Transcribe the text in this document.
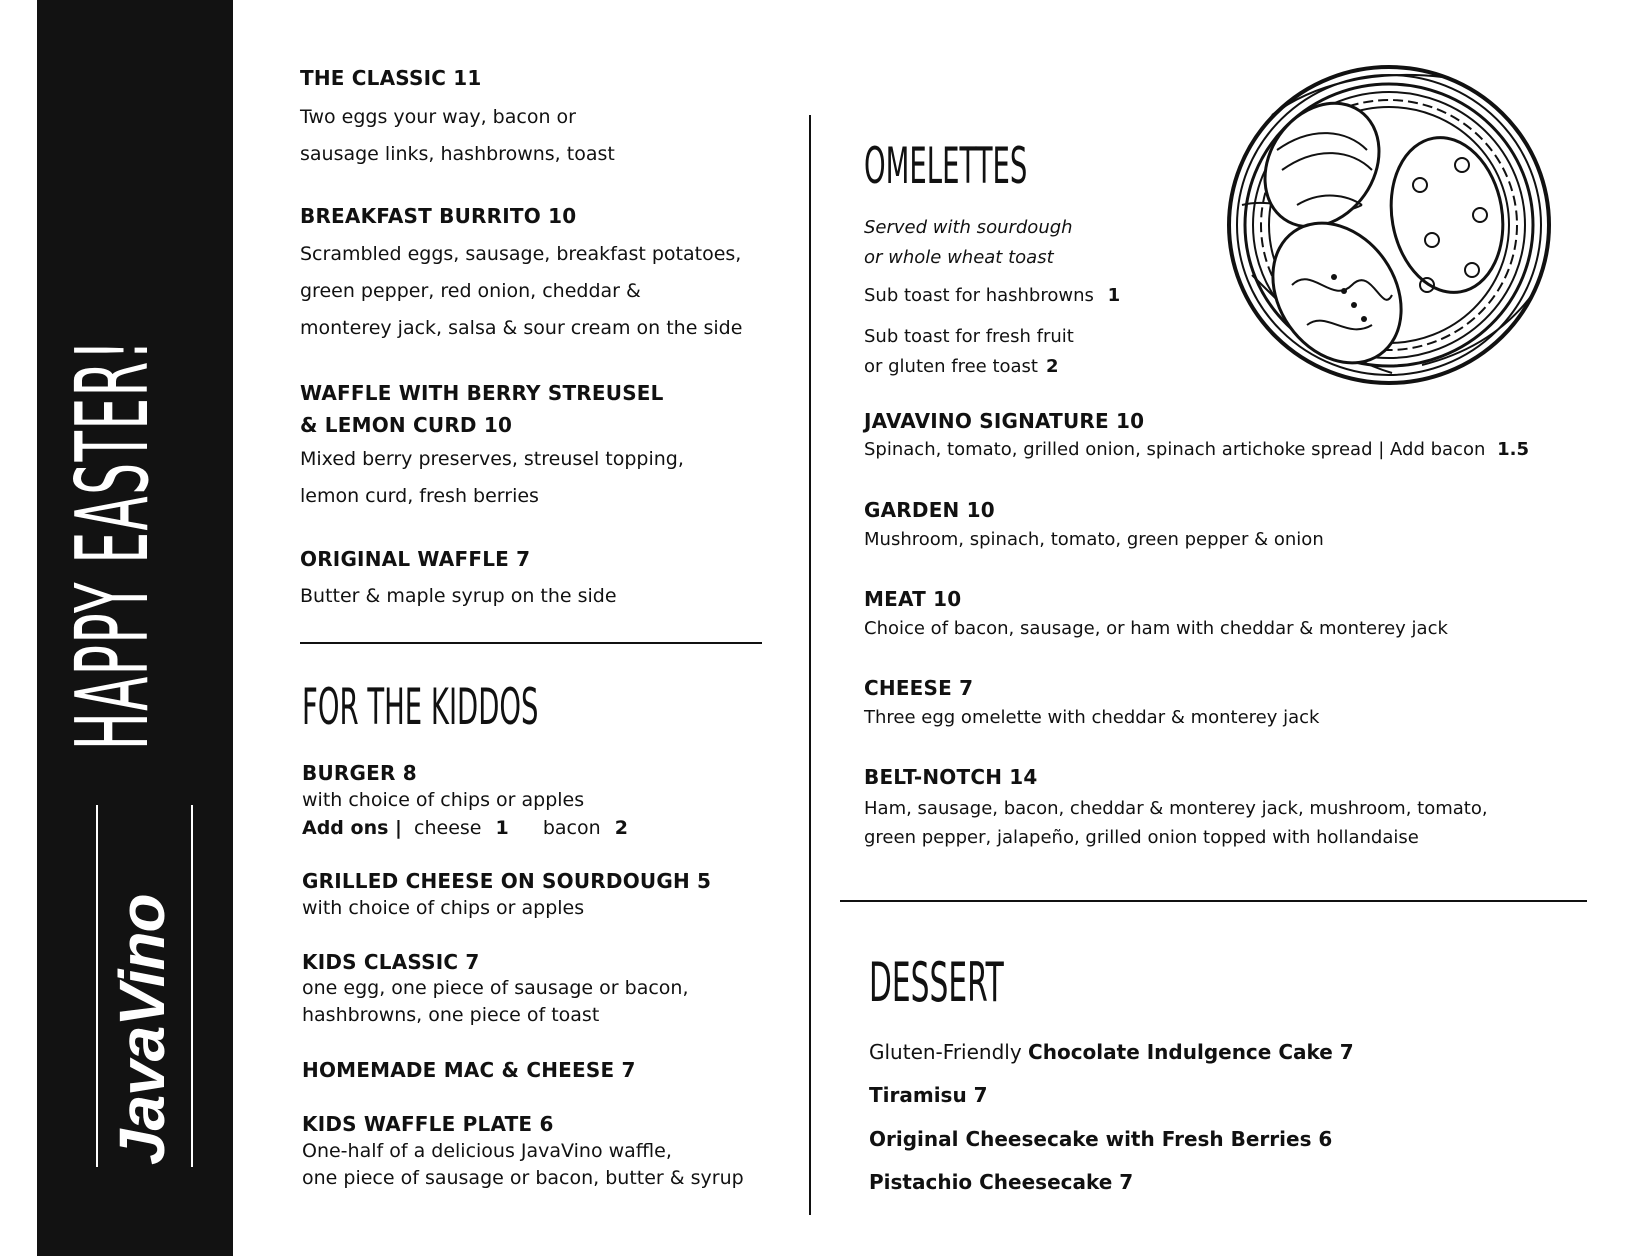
HAPPY EASTER!
JavaVino
THE CLASSIC 11
Two eggs your way, bacon or
sausage links, hashbrowns, toast
BREAKFAST BURRITO 10
Scrambled eggs, sausage, breakfast potatoes,
green pepper, red onion, cheddar &
monterey jack, salsa & sour cream on the side
WAFFLE WITH BERRY STREUSEL
& LEMON CURD 10
Mixed berry preserves, streusel topping,
lemon curd, fresh berries
ORIGINAL WAFFLE 7
Butter & maple syrup on the side
FOR THE KIDDOS
BURGER 8
with choice of chips or apples
Add ons | cheese 1 bacon 2
GRILLED CHEESE ON SOURDOUGH 5
with choice of chips or apples
KIDS CLASSIC 7
one egg, one piece of sausage or bacon,
hashbrowns, one piece of toast
HOMEMADE MAC & CHEESE 7
KIDS WAFFLE PLATE 6
One-half of a delicious JavaVino waffle,
one piece of sausage or bacon, butter & syrup
OMELETTES
Served with sourdough
or whole wheat toast
Sub toast for hashbrowns 1
Sub toast for fresh fruit
or gluten free toast 2
JAVAVINO SIGNATURE 10
Spinach, tomato, grilled onion, spinach artichoke spread | Add bacon 1.5
GARDEN 10
Mushroom, spinach, tomato, green pepper & onion
MEAT 10
Choice of bacon, sausage, or ham with cheddar & monterey jack
CHEESE 7
Three egg omelette with cheddar & monterey jack
BELT-NOTCH 14
Ham, sausage, bacon, cheddar & monterey jack, mushroom, tomato,
green pepper, jalapeño, grilled onion topped with hollandaise
DESSERT
Gluten-Friendly Chocolate Indulgence Cake 7
Tiramisu 7
Original Cheesecake with Fresh Berries 6
Pistachio Cheesecake 7
